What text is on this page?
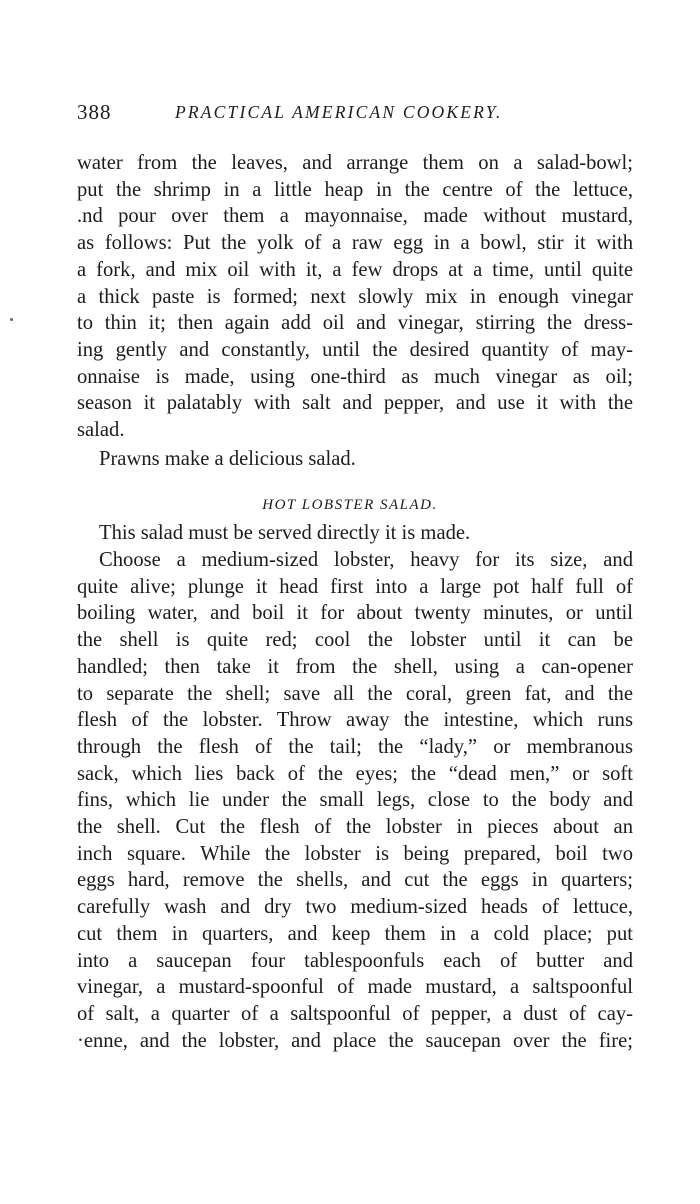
388	PRACTICAL AMERICAN COOKERY.
water from the leaves, and arrange them on a salad-bowl;
put the shrimp in a little heap in the centre of the lettuce,
.nd pour over them a mayonnaise, made without mustard,
as follows: Put the yolk of a raw egg in a bowl, stir it with
a fork, and mix oil with it, a few drops at a time, until quite
a thick paste is formed; next slowly mix in enough vinegar
to thin it; then again add oil and vinegar, stirring the dress-
ing gently and constantly, until the desired quantity of may-
onnaise is made, using one-third as much vinegar as oil;
season it palatably with salt and pepper, and use it with the
salad.
Prawns make a delicious salad.
HOT LOBSTER SALAD.
This salad must be served directly it is made.
Choose a medium-sized lobster, heavy for its size, and
quite alive; plunge it head first into a large pot half full of
boiling water, and boil it for about twenty minutes, or until
the shell is quite red; cool the lobster until it can be
handled; then take it from the shell, using a can-opener
to separate the shell; save all the coral, green fat, and the
flesh of the lobster. Throw away the intestine, which runs
through the flesh of the tail; the “lady,” or membranous
sack, which lies back of the eyes; the “dead men,” or soft
fins, which lie under the small legs, close to the body and
the shell. Cut the flesh of the lobster in pieces about an
inch square. While the lobster is being prepared, boil two
eggs hard, remove the shells, and cut the eggs in quarters;
carefully wash and dry two medium-sized heads of lettuce,
cut them in quarters, and keep them in a cold place; put
into a saucepan four tablespoonfuls each of butter and
vinegar, a mustard-spoonful of made mustard, a saltspoonful
of salt, a quarter of a saltspoonful of pepper, a dust of cay-
·enne, and the lobster, and place the saucepan over the fire;
